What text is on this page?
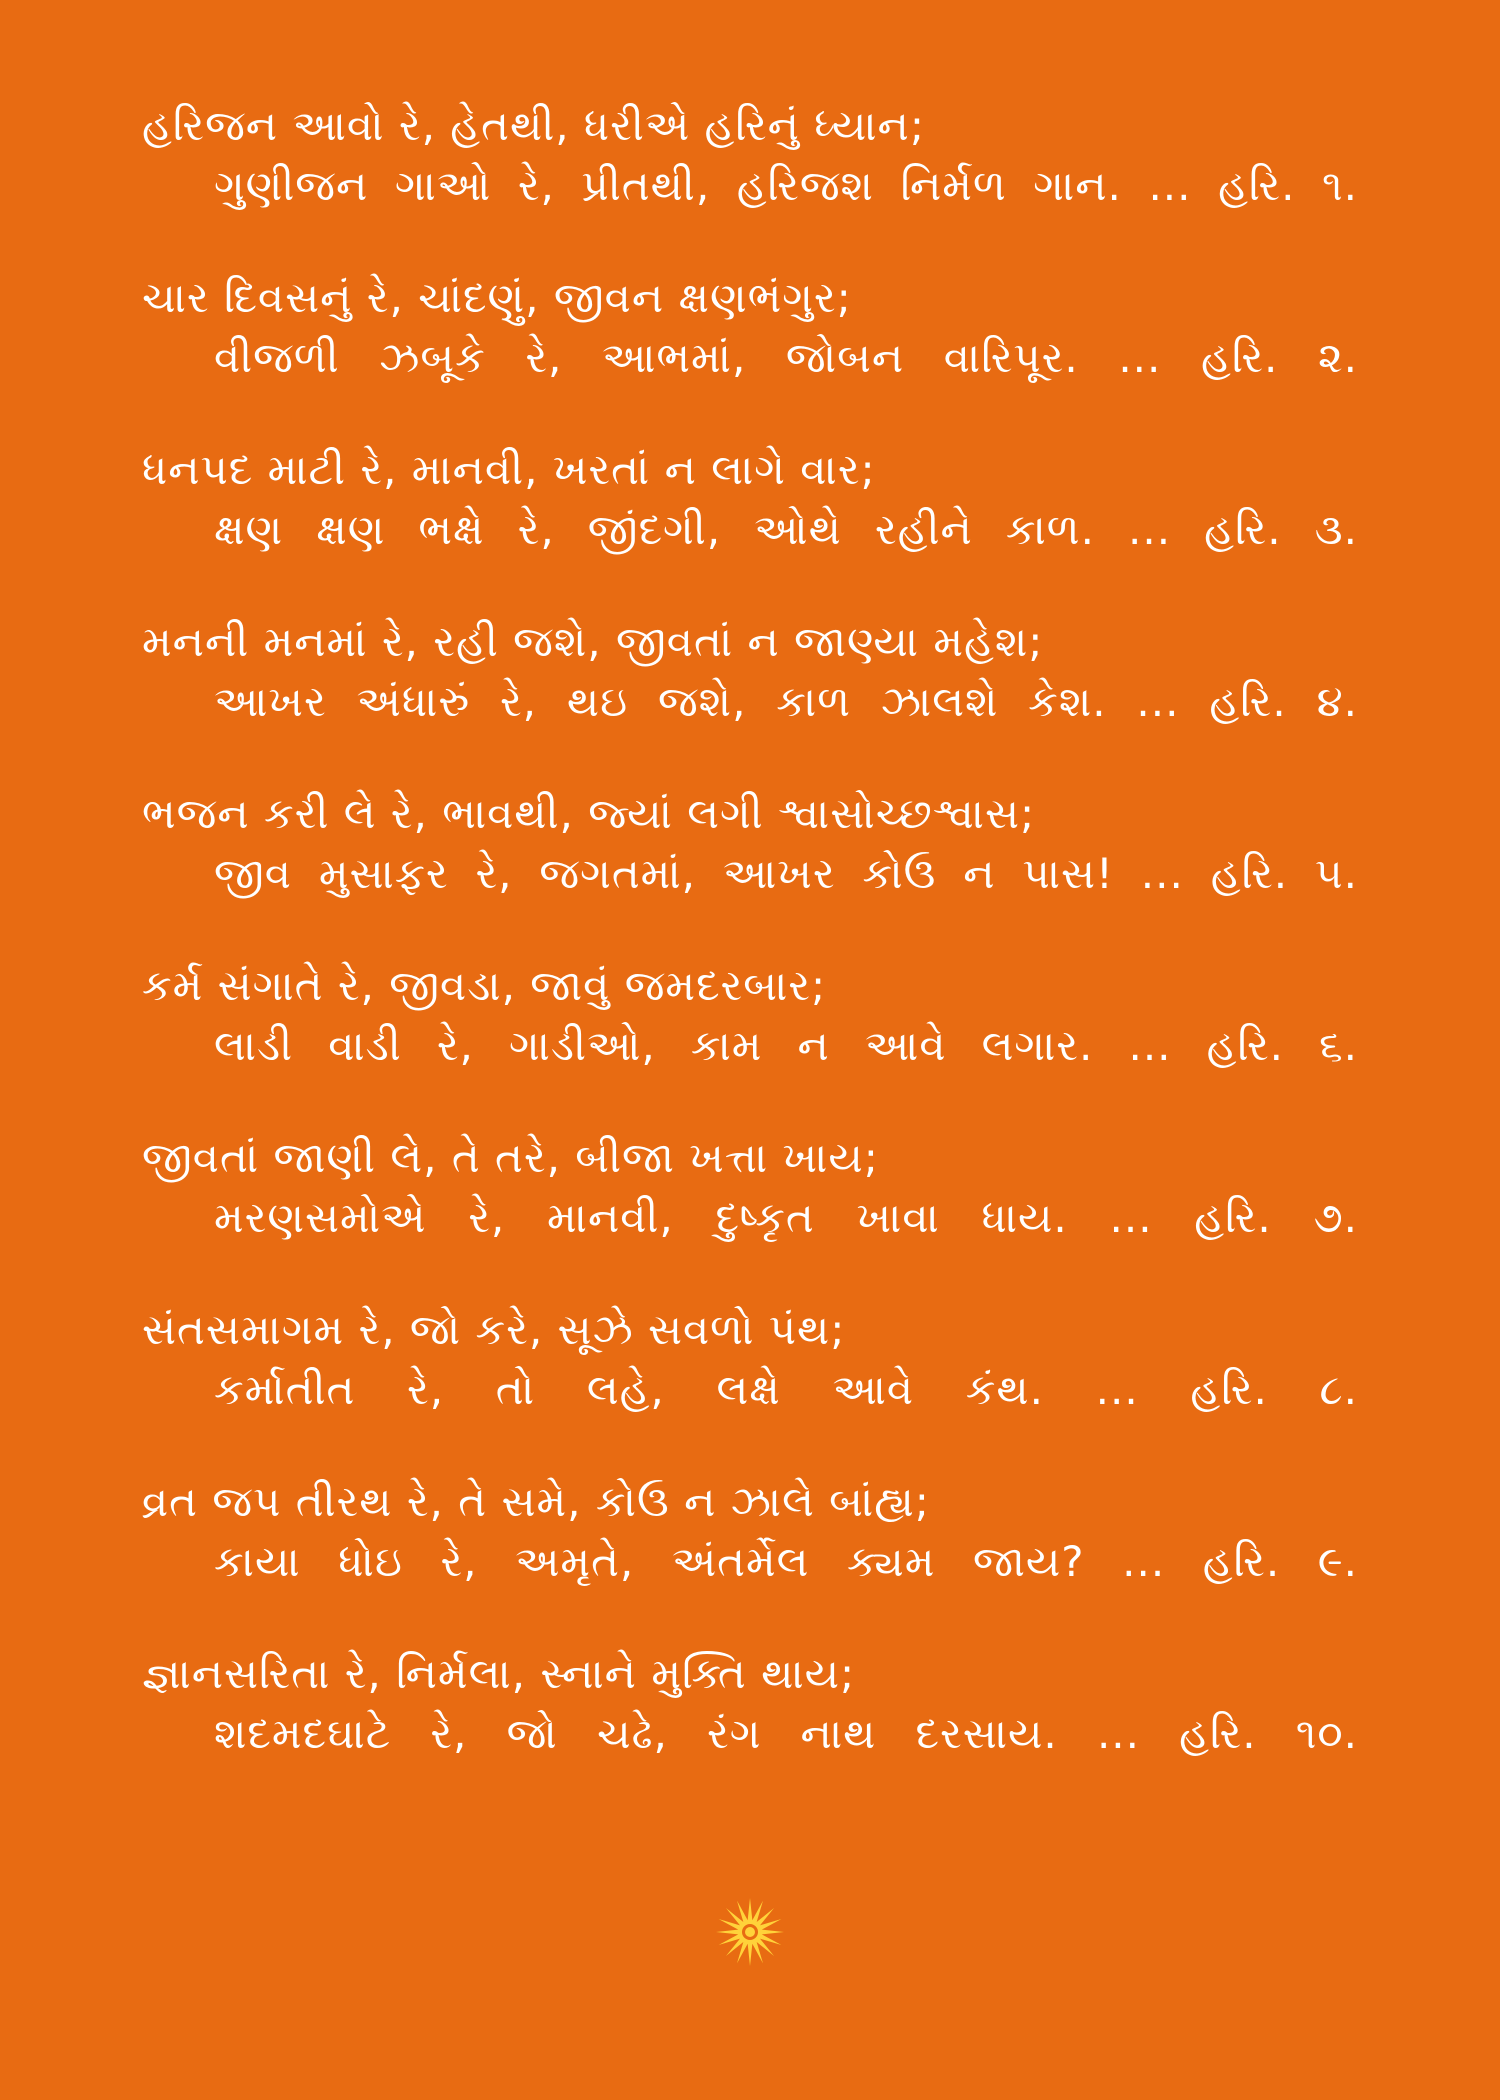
હરિજન આવો રે, હેતથી, ધરીએ હરિનું ધ્યાન;
ગુણીજન ગાઓ રે, પ્રીતથી, હરિજશ નિર્મળ ગાન. ... હરિ. ૧.
ચાર દિવસનું રે, ચાંદણું, જીવન ક્ષણભંગુર;
વીજળી ઝબૂકે રે, આભમાં, જોબન વારિપૂર. ... હરિ. ૨.
ધનપદ માટી રે, માનવી, ખરતાં ન લાગે વાર;
ક્ષણ ક્ષણ ભક્ષે રે, જીંદગી, ઓથે રહીને કાળ. ... હરિ. ૩.
મનની મનમાં રે, રહી જશે, જીવતાં ન જાણ્યા મહેશ;
આખર અંધારું રે, થઇ જશે, કાળ ઝાલશે કેશ. ... હરિ. ૪.
ભજન કરી લે રે, ભાવથી, જ્યાં લગી શ્વાસોચ્છશ્વાસ;
જીવ મુસાફર રે, જગતમાં, આખર કોઉ ન પાસ! ... હરિ. ૫.
કર્મ સંગાતે રે, જીવડા, જાવું જમદરબાર;
લાડી વાડી રે, ગાડીઓ, કામ ન આવે લગાર. ... હરિ. ૬.
જીવતાં જાણી લે, તે તરે, બીજા ખત્તા ખાય;
મરણસમોએ રે, માનવી, દુષ્કૃત ખાવા ધાય. ... હરિ. ૭.
સંતસમાગમ રે, જો કરે, સૂઝે સવળો પંથ;
કર્માતીત રે, તો લહે, લક્ષે આવે કંથ. ... હરિ. ૮.
વ્રત જપ તીરથ રે, તે સમે, કોઉ ન ઝાલે બાંહ્ય;
કાયા ધોઇ રે, અમૃતે, અંતર્મેલ ક્યમ જાય? ... હરિ. ૯.
જ્ઞાનસરિતા રે, નિર્મલા, સ્નાને મુક્તિ થાય;
શદમદઘાટે રે, જો ચઢે, રંગ નાથ દરસાય. ... હરિ. ૧૦.
